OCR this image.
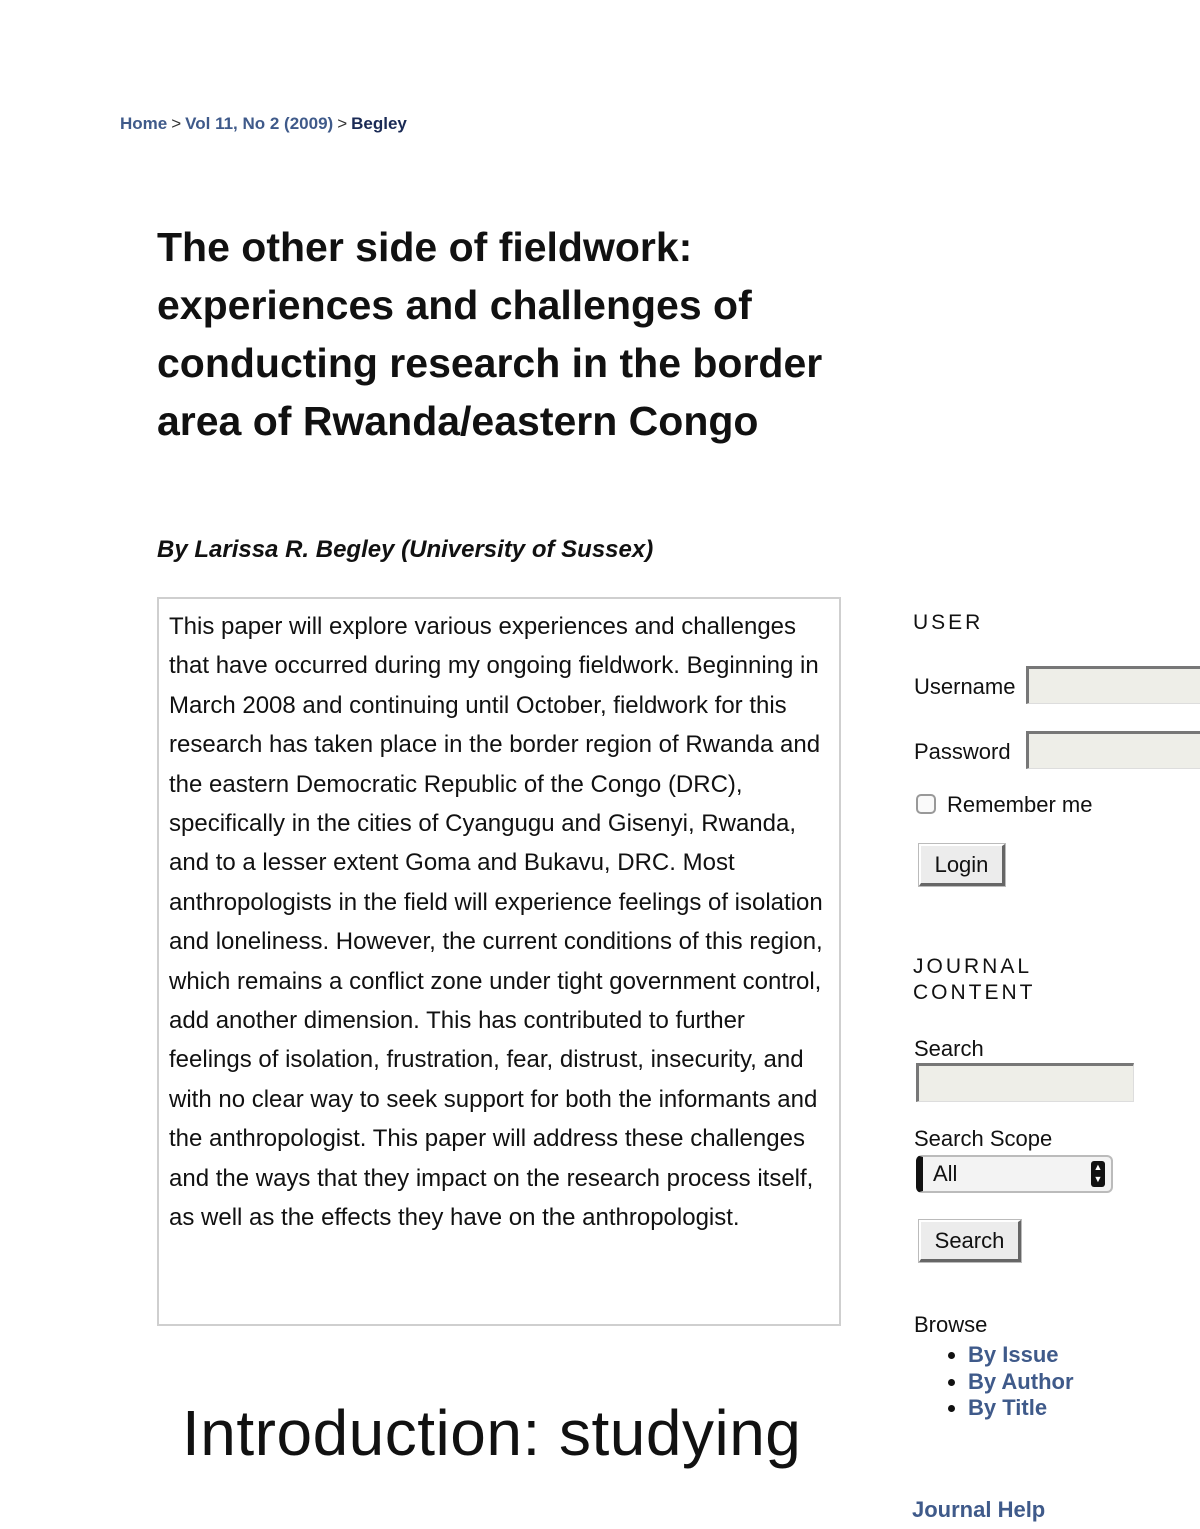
Home > Vol 11, No 2 (2009) > Begley
The other side of fieldwork: experiences and challenges of conducting research in the border area of Rwanda/eastern Congo
By Larissa R. Begley (University of Sussex)
This paper will explore various experiences and challenges that have occurred during my ongoing fieldwork. Beginning in March 2008 and continuing until October, fieldwork for this research has taken place in the border region of Rwanda and the eastern Democratic Republic of the Congo (DRC), specifically in the cities of Cyangugu and Gisenyi, Rwanda, and to a lesser extent Goma and Bukavu, DRC. Most anthropologists in the field will experience feelings of isolation and loneliness. However, the current conditions of this region, which remains a conflict zone under tight government control, add another dimension. This has contributed to further feelings of isolation, frustration, fear, distrust, insecurity, and with no clear way to seek support for both the informants and the anthropologist. This paper will address these challenges and the ways that they impact on the research process itself, as well as the effects they have on the anthropologist.
Introduction: studying
USER
Username
Password
Remember me
Login
JOURNAL
CONTENT
Search
Search Scope
All	▲
▼
Search
Browse
• By Issue
• By Author
• By Title
Journal Help
